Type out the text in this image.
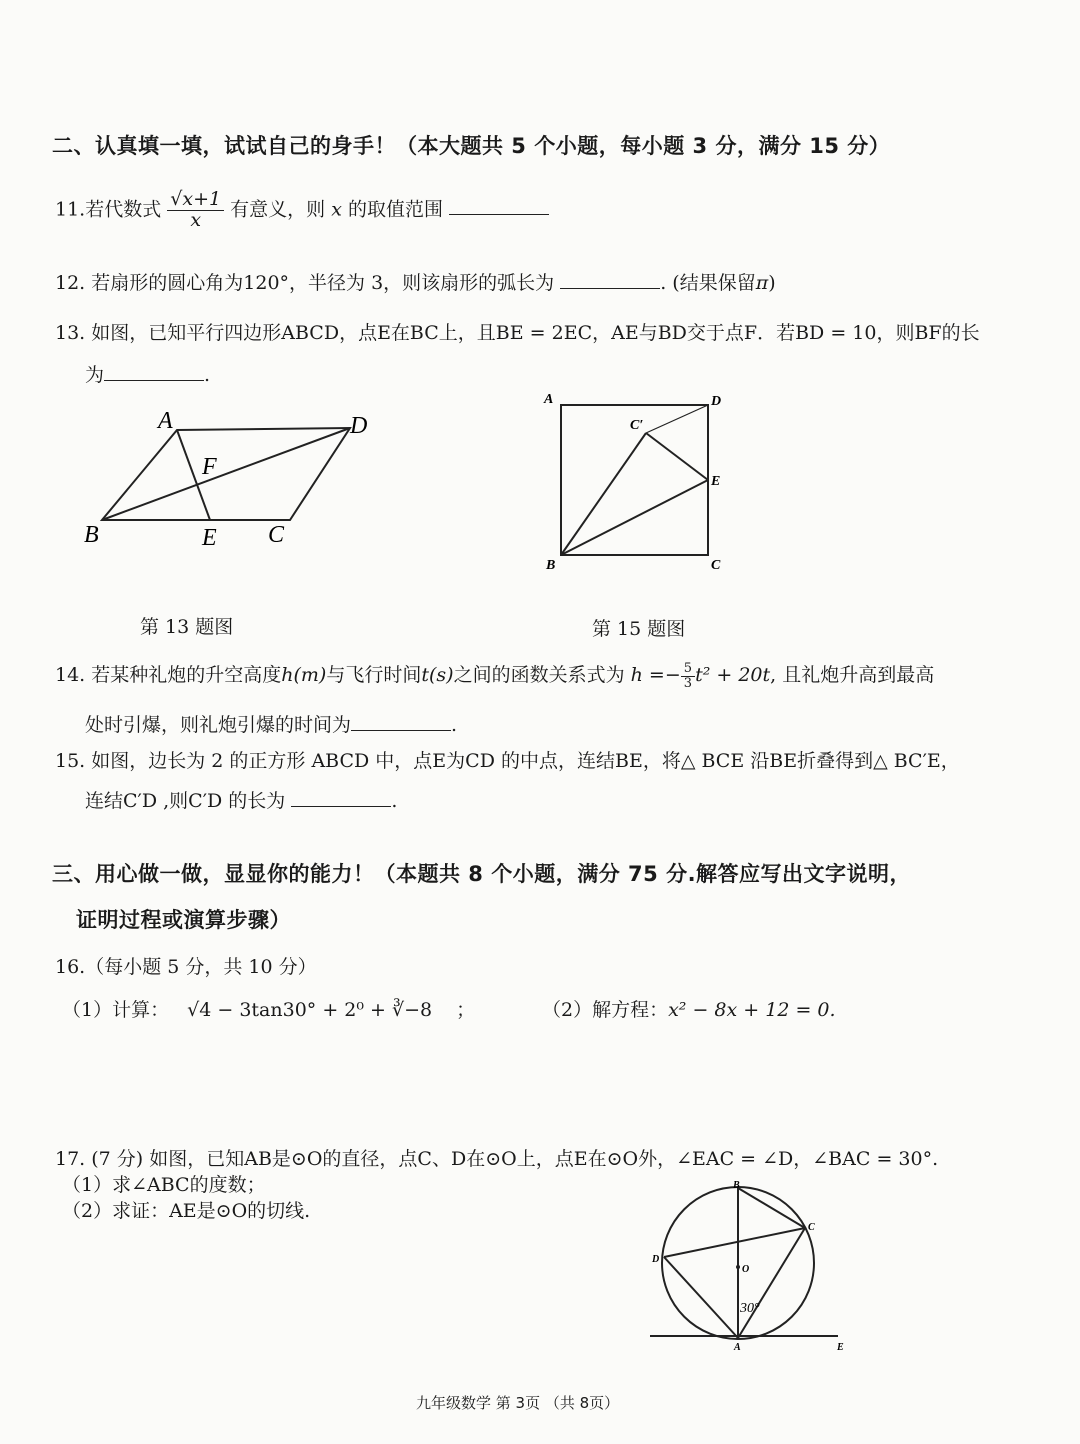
二、认真填一填，试试自己的身手！（本大题共 5 个小题，每小题 3 分，满分 15 分）
11.若代数式 $\frac{√x+1}{x}$ 有意义，则 x 的取值范围
12. 若扇形的圆心角为120°，半径为 3，则该扇形的弧长为	. (结果保留π)
13. 如图，已知平行四边形ABCD，点E在BC上，且BE = 2EC，AE与BD交于点F．若BD = 10，则BF的长
为	.
A	D
F
B	E C
A	D
C′
E
B	C
第 13 题图	第 15 题图
14. 若某种礼炮的升空高度h(m)与飞行时间t(s)之间的函数关系式为 $h =- \frac{5}{3} t^2 + 20t$, 且礼炮升高到最高
处时引爆，则礼炮引爆的时间为	.
15. 如图，边长为 2 的正方形 ABCD 中，点E为CD 的中点，连结BE，将△ BCE 沿BE折叠得到△ BC′E，
连结C′D ,则C′D 的长为	.
三、用心做一做，显显你的能力！（本题共 8 个小题，满分 75 分.解答应写出文字说明，
证明过程或演算步骤）
16.（每小题 5 分，共 10 分）
（1）计算： √4 − 3tan30° + 2⁰ + ∛−8 ；	（2）解方程：x² − 8x + 12 = 0.
17. (7 分) 如图，已知AB是⊙O的直径，点C、D在⊙O上，点E在⊙O外，∠EAC = ∠D，∠BAC = 30°.
（1）求∠ABC的度数；
（2）求证：AE是⊙O的切线.
B
C
D
O
A	E
30°
九年级数学 第 3页 （共 8页）
